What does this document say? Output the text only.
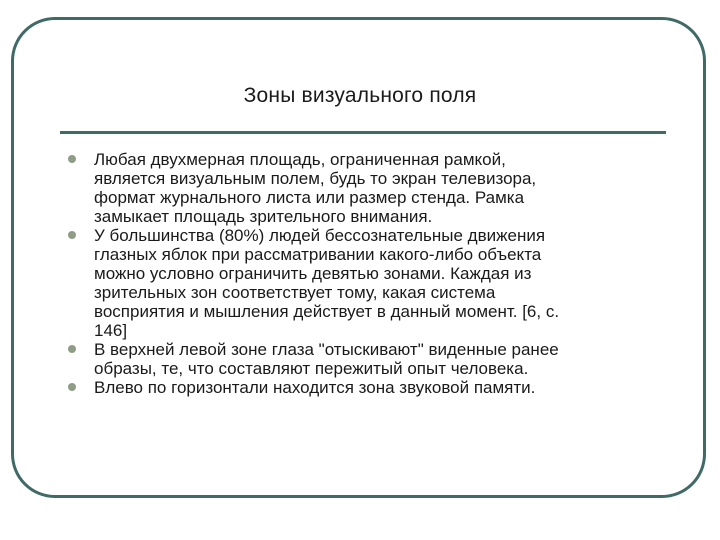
Зоны визуального поля
Любая двухмерная площадь, ограниченная рамкой,
является визуальным полем, будь то экран телевизора,
формат журнального листа или размер стенда. Рамка
замыкает площадь зрительного внимания.
У большинства (80%) людей бессознательные движения
глазных яблок при рассматривании какого-либо объекта
можно условно ограничить девятью зонами. Каждая из
зрительных зон соответствует тому, какая система
восприятия и мышления действует в данный момент. [6, с.
146]
В верхней левой зоне глаза "отыскивают" виденные ранее
образы, те, что составляют пережитый опыт человека.
Влево по горизонтали находится зона звуковой памяти.
